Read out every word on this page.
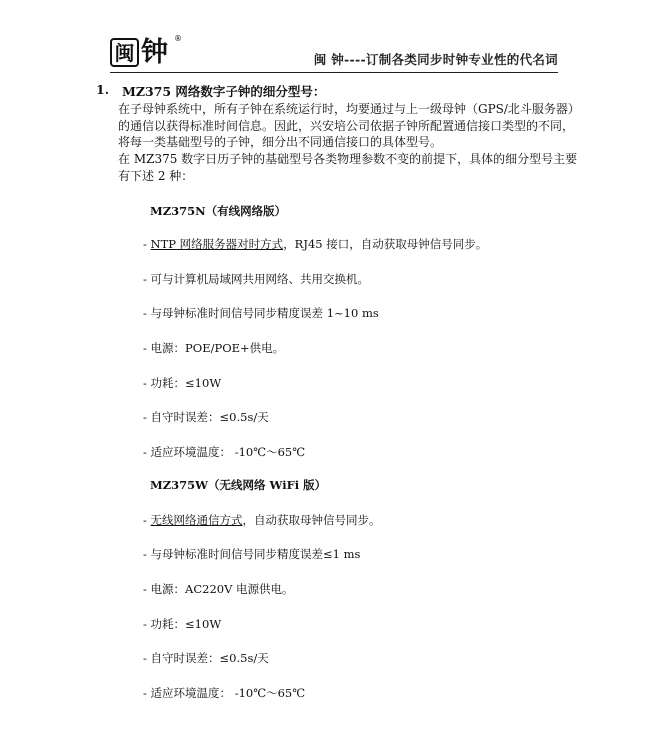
闽 钟 ®
闽 钟----订制各类同步时钟专业性的代名词
1.	MZ375 网络数字子钟的细分型号：

在子母钟系统中，所有子钟在系统运行时，均要通过与上一级母钟（GPS/北斗服务器）的通信以获得标准时间信息。因此，兴安培公司依据子钟所配置通信接口类型的不同，将每一类基础型号的子钟，细分出不同通信接口的具体型号。

在 MZ375 数字日历子钟的基础型号各类物理参数不变的前提下，具体的细分型号主要有下述 2 种：

MZ375N（有线网络版）
- NTP 网络服务器对时方式，RJ45 接口，自动获取母钟信号同步。
- 可与计算机局域网共用网络、共用交换机。
- 与母钟标准时间信号同步精度误差 1~10 ms
- 电源：POE/POE+供电。
- 功耗：≤10W
- 自守时误差：≤0.5s/天
- 适应环境温度： -10℃～65℃
MZ375W（无线网络 WiFi 版）
- 无线网络通信方式，自动获取母钟信号同步。
- 与母钟标准时间信号同步精度误差≤1 ms
- 电源：AC220V 电源供电。
- 功耗：≤10W
- 自守时误差：≤0.5s/天
- 适应环境温度： -10℃～65℃
